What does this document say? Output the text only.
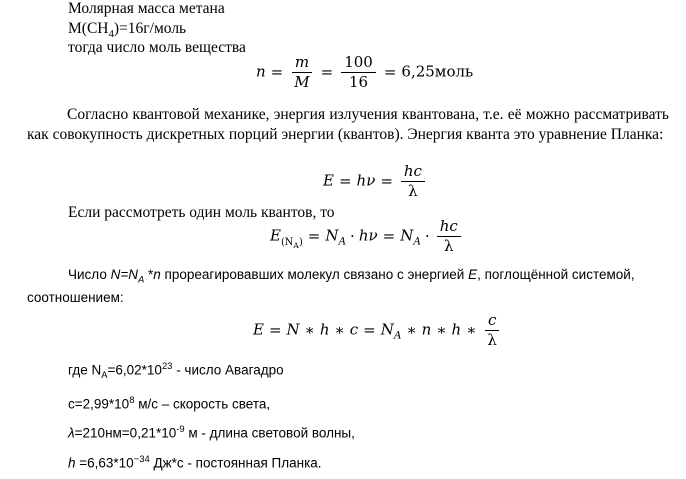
Молярная масса метана
$M(CH_4)=16г$/моль
тогда число моль вещества
$n = \frac{m}{M} = \frac{100}{16}$ = 6,25моль
Согласно квантовой механике, энергия излучения квантована, т.е. её можно рассматривать как совокупность дискретных порций энергии (квантов). Энергия кванта это уравнение Планка:
$E = h\nu = \frac{hc}{\lambda}$
Если рассмотреть один моль квантов, то
$E_{(N_A)} = N_A \cdot h\nu = N_A \cdot \frac{hc}{\lambda}$
Число $N=N_A$ *n прореагировавших молекул связано с энергией E, поглощённой системой,
соотношением:
E = N ∗ h ∗ $c = N_A$ ∗ n ∗ h ∗ $\frac{c}{\lambda}$
где $N_A=6,02*10^{23}$ - число Авагадро
$с=2,99*10^8$ м/с – скорость света,
$\lambda=210нм=0,21*10^{-9}$ м - длина световой волны,
$h =6,63*10^{-34}$ Дж*с - постоянная Планка.
